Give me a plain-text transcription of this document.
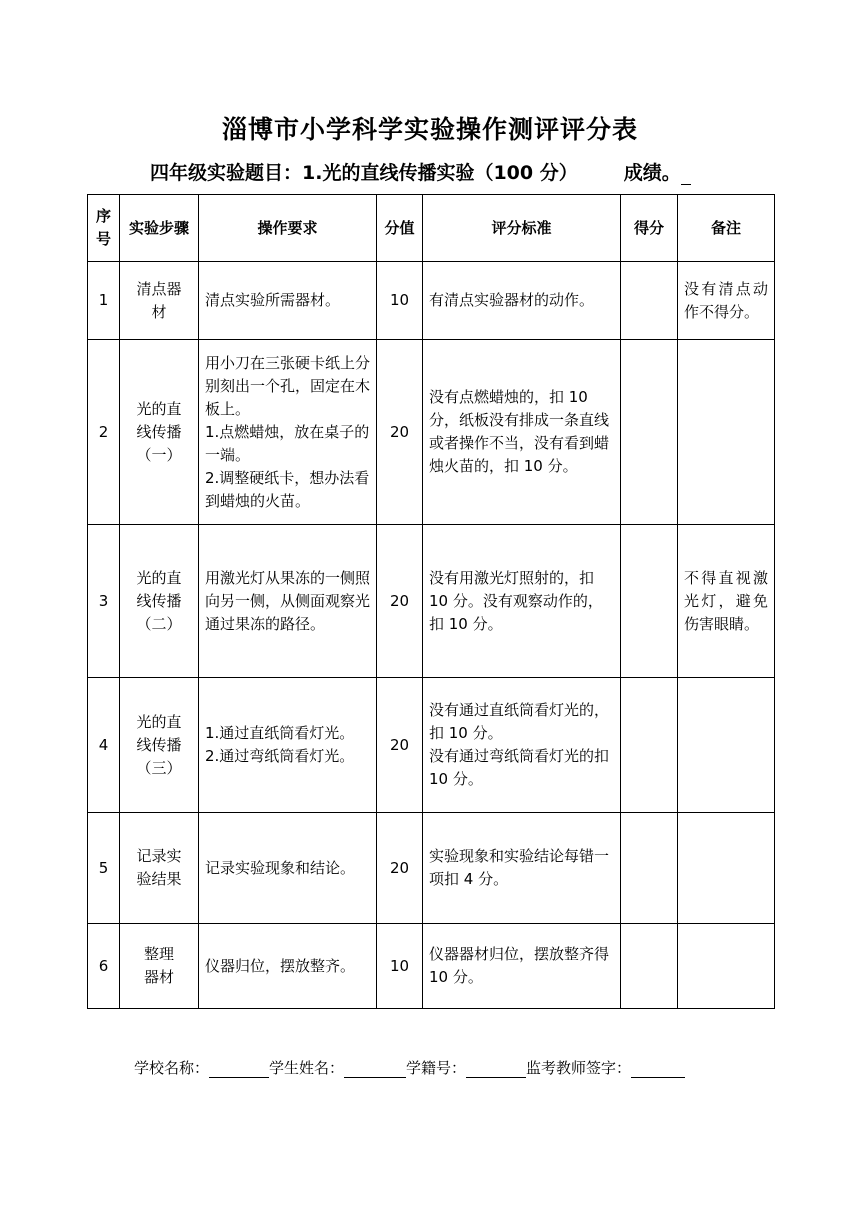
淄博市小学科学实验操作测评评分表
四年级实验题目：1.光的直线传播实验（100 分） 成绩。
序号	实验步骤	操作要求	分值	评分标准	得分	备注
1	清点器
材	清点实验所需器材。	10	有清点实验器材的动作。		没有清点动作不得分。
2	光的直
线传播
（一）	用小刀在三张硬卡纸上分别刻出一个孔，固定在木板上。
1.点燃蜡烛，放在桌子的一端。
2.调整硬纸卡，想办法看到蜡烛的火苗。	20	没有点燃蜡烛的，扣 10 分，纸板没有排成一条直线或者操作不当，没有看到蜡烛火苗的，扣 10 分。		
3	光的直
线传播
（二）	用激光灯从果冻的一侧照向另一侧，从侧面观察光通过果冻的路径。	20	没有用激光灯照射的，扣 10 分。没有观察动作的，扣 10 分。		不得直视激光灯，避免伤害眼睛。
4	光的直
线传播
（三）	1.通过直纸筒看灯光。
2.通过弯纸筒看灯光。	20	没有通过直纸筒看灯光的，扣 10 分。
没有通过弯纸筒看灯光的扣 10 分。		
5	记录实
验结果	记录实验现象和结论。	20	实验现象和实验结论每错一项扣 4 分。		
6	整理
器材	仪器归位，摆放整齐。	10	仪器器材归位，摆放整齐得 10 分。		
学校名称：	学生姓名：	学籍号：	监考教师签字：
